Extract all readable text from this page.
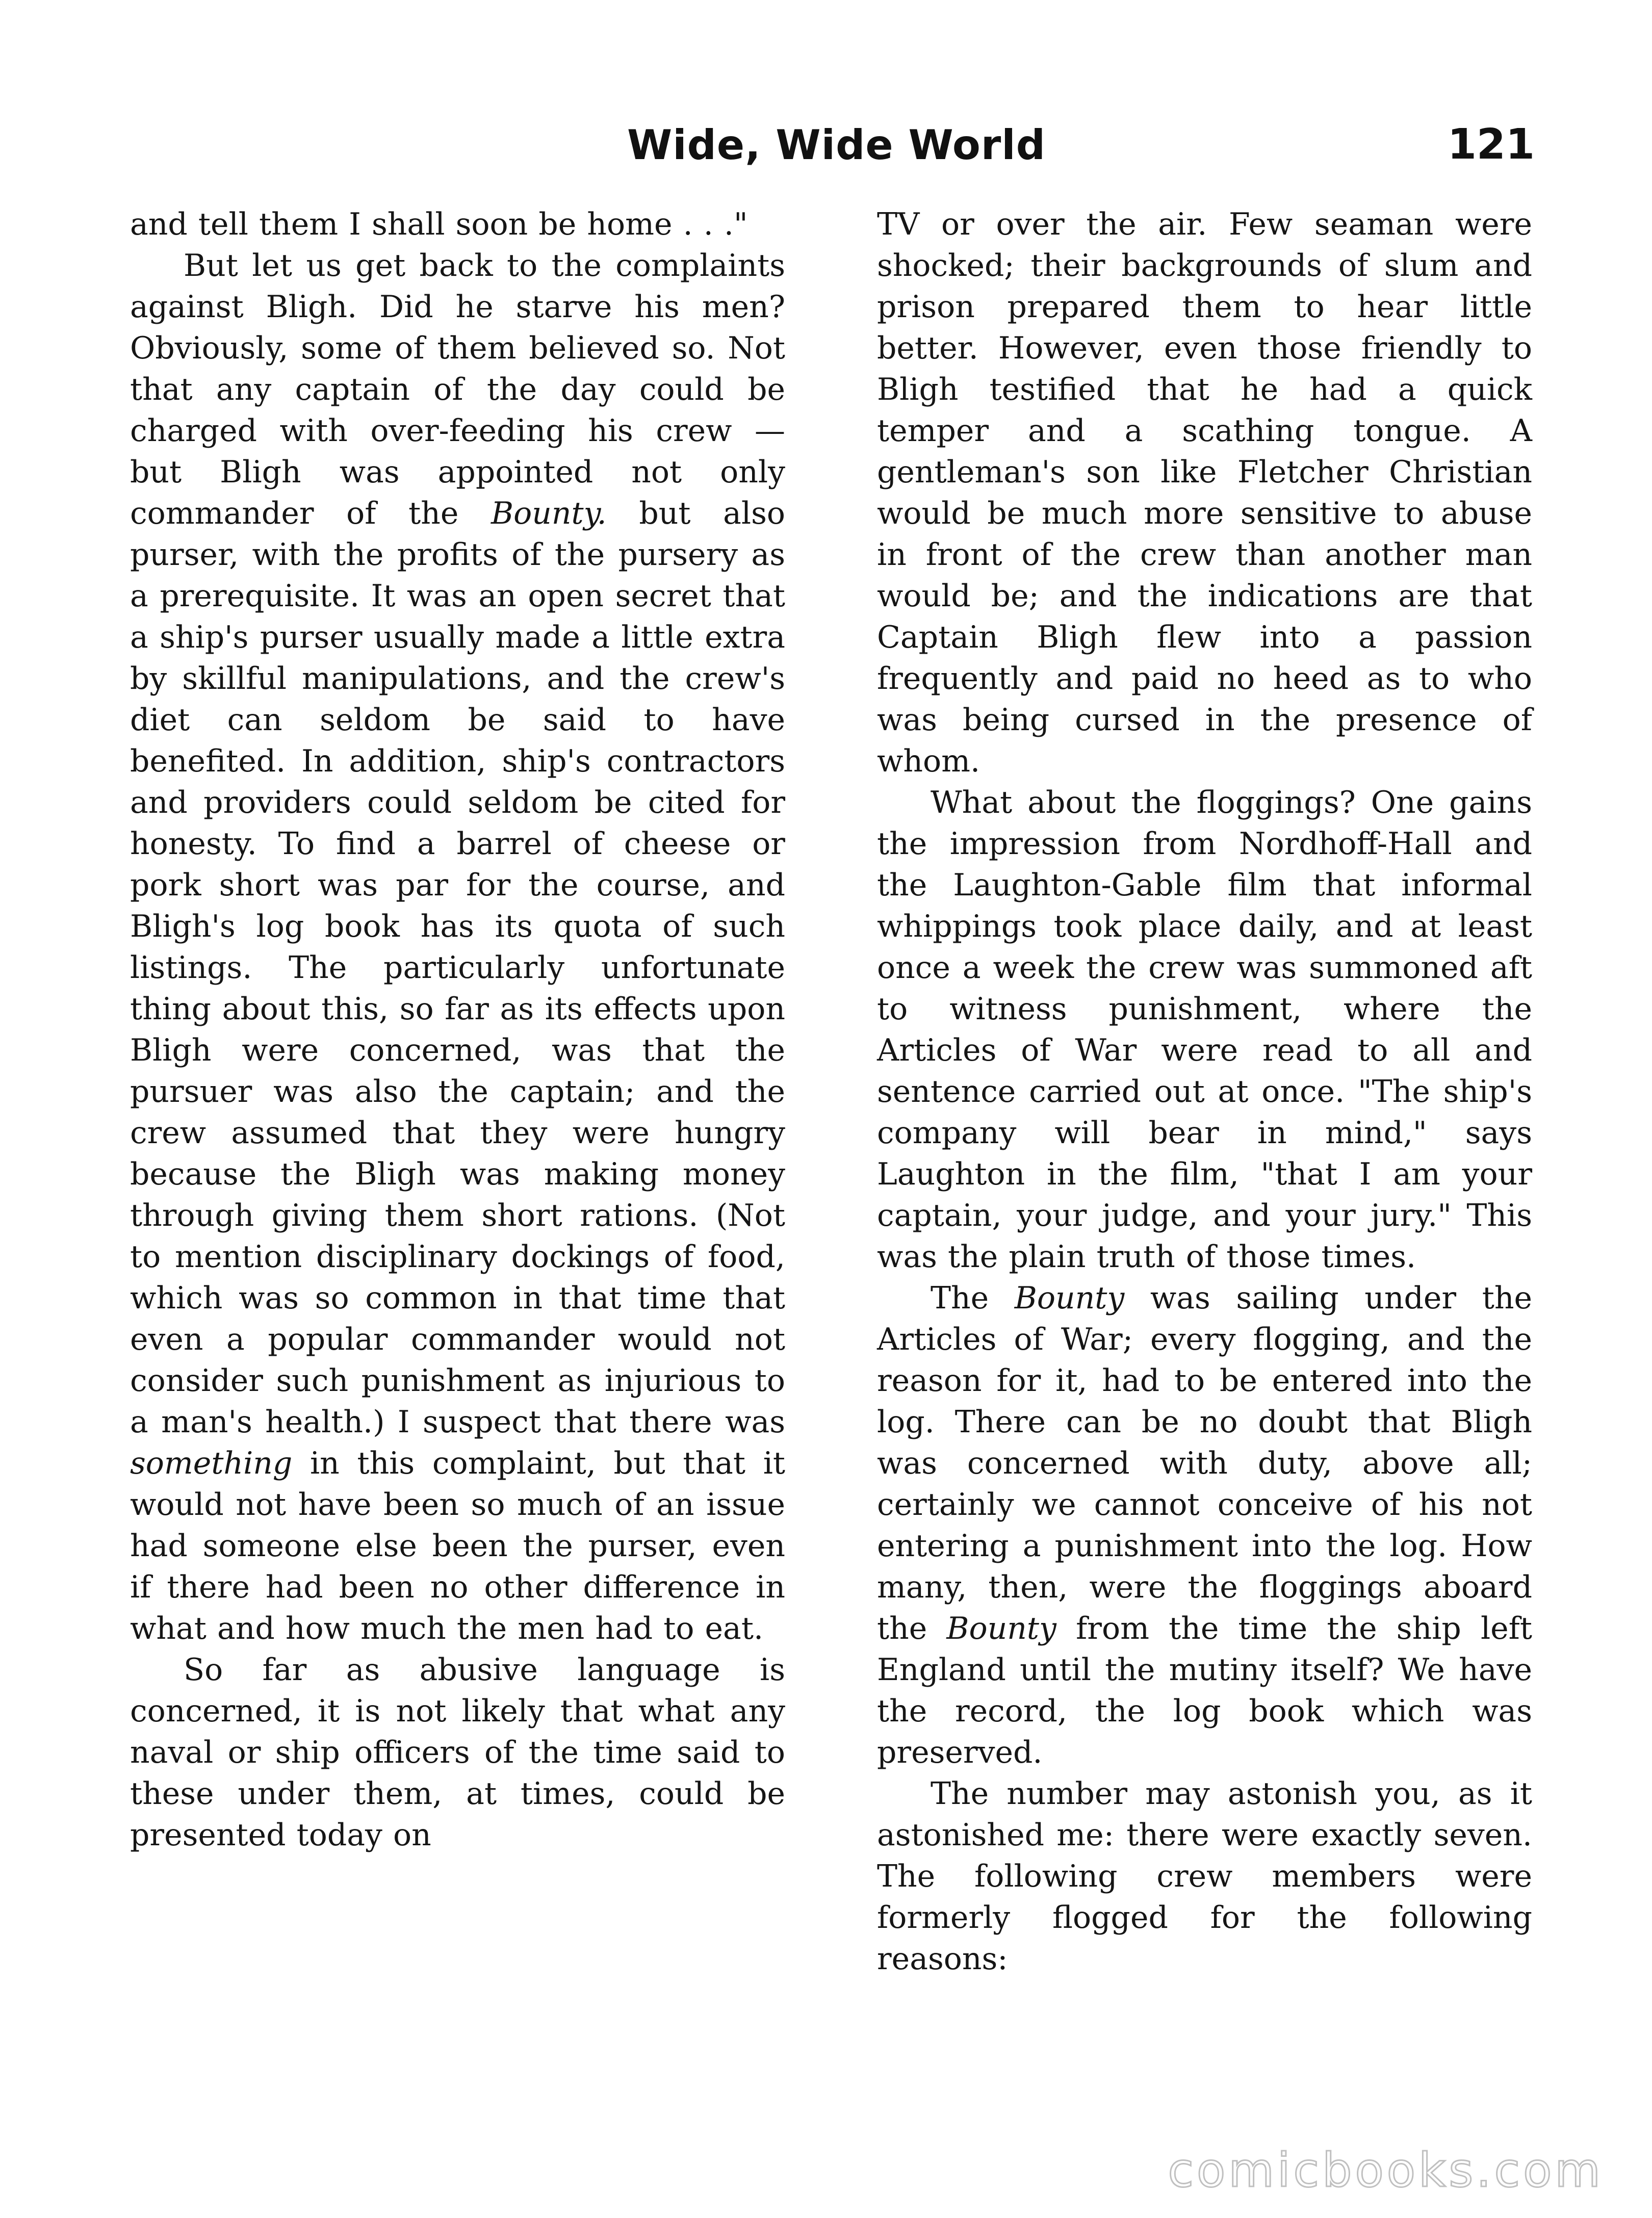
Wide, Wide World	121

and tell them I shall soon be home . . ."

But let us get back to the complaints against Bligh. Did he starve his men? Obviously, some of them believed so. Not that any captain of the day could be charged with over-feeding his crew — but Bligh was appointed not only commander of the Bounty. but also purser, with the profits of the pursery as a prerequisite. It was an open secret that a ship's purser usually made a little extra by skillful manipulations, and the crew's diet can seldom be said to have benefited. In addition, ship's contractors and providers could seldom be cited for honesty. To find a barrel of cheese or pork short was par for the course, and Bligh's log book has its quota of such listings. The particularly unfortunate thing about this, so far as its effects upon Bligh were concerned, was that the pursuer was also the captain; and the crew assumed that they were hungry because the Bligh was making money through giving them short rations. (Not to mention disciplinary dockings of food, which was so common in that time that even a popular commander would not consider such punishment as injurious to a man's health.) I suspect that there was something in this complaint, but that it would not have been so much of an issue had someone else been the purser, even if there had been no other difference in what and how much the men had to eat.

So far as abusive language is concerned, it is not likely that what any naval or ship officers of the time said to these under them, at times, could be presented today on

TV or over the air. Few seaman were shocked; their backgrounds of slum and prison prepared them to hear little better. However, even those friendly to Bligh testified that he had a quick temper and a scathing tongue. A gentleman's son like Fletcher Christian would be much more sensitive to abuse in front of the crew than another man would be; and the indications are that Captain Bligh flew into a passion frequently and paid no heed as to who was being cursed in the presence of whom.

What about the floggings? One gains the impression from Nordhoff-Hall and the Laughton-Gable film that informal whippings took place daily, and at least once a week the crew was summoned aft to witness punishment, where the Articles of War were read to all and sentence carried out at once. "The ship's company will bear in mind," says Laughton in the film, "that I am your captain, your judge, and your jury." This was the plain truth of those times.

The Bounty was sailing under the Articles of War; every flogging, and the reason for it, had to be entered into the log. There can be no doubt that Bligh was concerned with duty, above all; certainly we cannot conceive of his not entering a punishment into the log. How many, then, were the floggings aboard the Bounty from the time the ship left England until the mutiny itself? We have the record, the log book which was preserved.

The number may astonish you, as it astonished me: there were exactly seven. The following crew members were formerly flogged for the following reasons:

comicbooks.com
